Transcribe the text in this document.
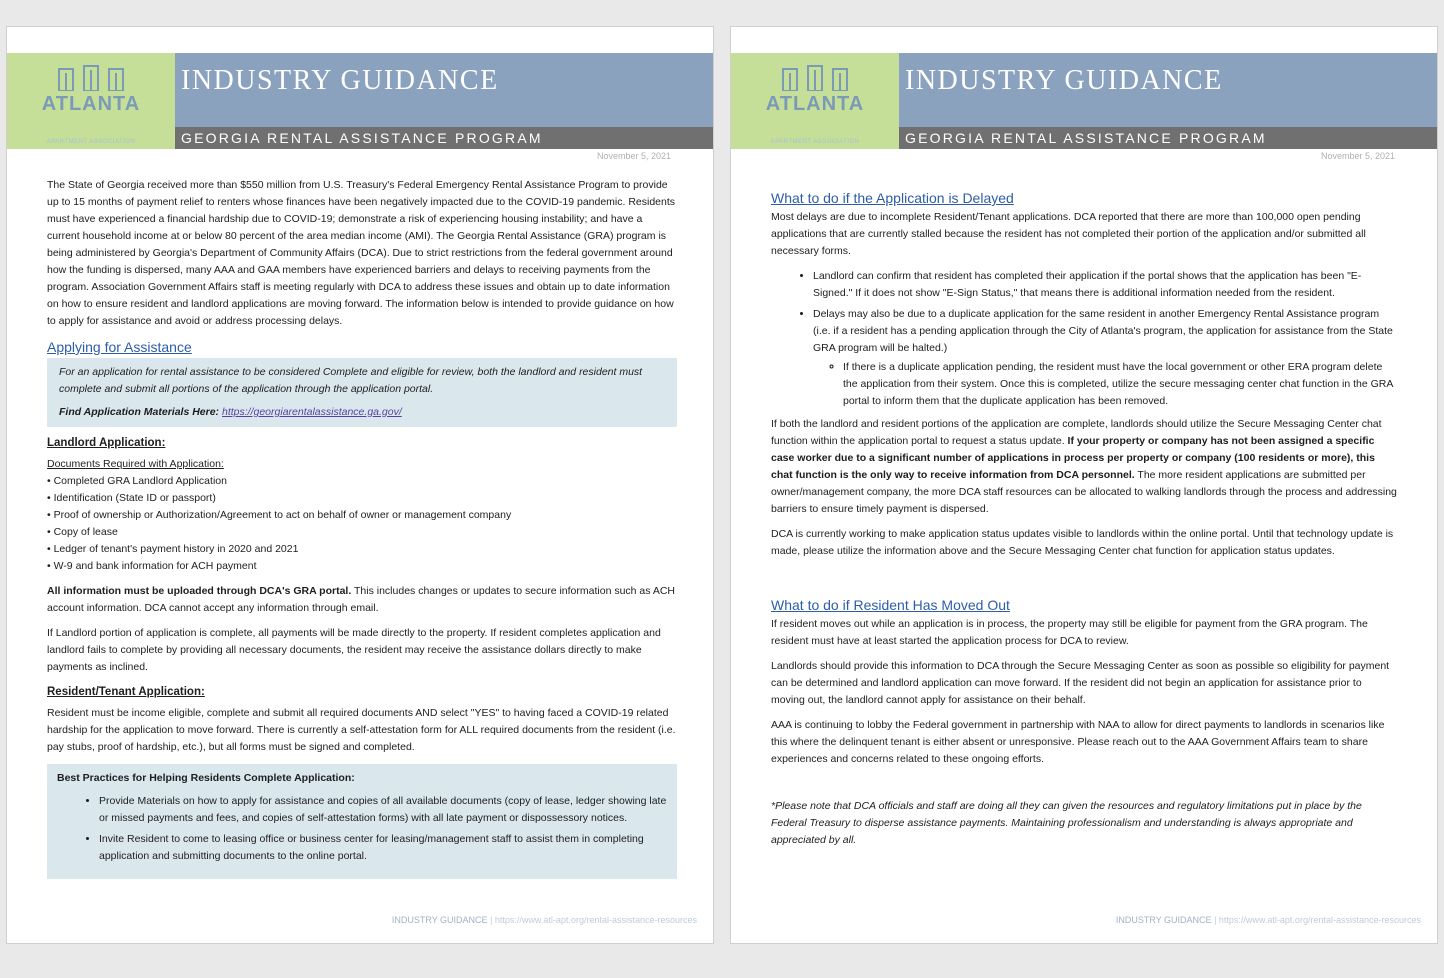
ATLANTA
APARTMENT ASSOCIATION
INDUSTRY GUIDANCE
GEORGIA RENTAL ASSISTANCE PROGRAM
November 5, 2021

The State of Georgia received more than $550 million from U.S. Treasury's Federal Emergency Rental Assistance Program to provide up to 15 months of payment relief to renters whose finances have been negatively impacted due to the COVID-19 pandemic. Residents must have experienced a financial hardship due to COVID-19; demonstrate a risk of experiencing housing instability; and have a current household income at or below 80 percent of the area median income (AMI). The Georgia Rental Assistance (GRA) program is being administered by Georgia's Department of Community Affairs (DCA). Due to strict restrictions from the federal government around how the funding is dispersed, many AAA and GAA members have experienced barriers and delays to receiving payments from the program. Association Government Affairs staff is meeting regularly with DCA to address these issues and obtain up to date information on how to ensure resident and landlord applications are moving forward. The information below is intended to provide guidance on how to apply for assistance and avoid or address processing delays.

Applying for Assistance
For an application for rental assistance to be considered Complete and eligible for review, both the landlord and resident must complete and submit all portions of the application through the application portal.
Find Application Materials Here: https://georgiarentalassistance.ga.gov/
Landlord Application:
Documents Required with Application:
• Completed GRA Landlord Application
• Identification (State ID or passport)
• Proof of ownership or Authorization/Agreement to act on behalf of owner or management company
• Copy of lease
• Ledger of tenant's payment history in 2020 and 2021
• W-9 and bank information for ACH payment

All information must be uploaded through DCA's GRA portal. This includes changes or updates to secure information such as ACH account information. DCA cannot accept any information through email.

If Landlord portion of application is complete, all payments will be made directly to the property. If resident completes application and landlord fails to complete by providing all necessary documents, the resident may receive the assistance dollars directly to make payments as inclined.

Resident/Tenant Application:

Resident must be income eligible, complete and submit all required documents AND select "YES" to having faced a COVID-19 related hardship for the application to move forward. There is currently a self-attestation form for ALL required documents from the resident (i.e. pay stubs, proof of hardship, etc.), but all forms must be signed and completed.

Best Practices for Helping Residents Complete Application:
• Provide Materials on how to apply for assistance and copies of all available documents (copy of lease, ledger showing late or missed payments and fees, and copies of self-attestation forms) with all late payment or dispossessory notices.
• Invite Resident to come to leasing office or business center for leasing/management staff to assist them in completing application and submitting documents to the online portal.
INDUSTRY GUIDANCE | https://www.atl-apt.org/rental-assistance-resources
ATLANTA
APARTMENT ASSOCIATION
INDUSTRY GUIDANCE
GEORGIA RENTAL ASSISTANCE PROGRAM
November 5, 2021
What to do if the Application is Delayed

Most delays are due to incomplete Resident/Tenant applications. DCA reported that there are more than 100,000 open pending applications that are currently stalled because the resident has not completed their portion of the application and/or submitted all necessary forms.

• Landlord can confirm that resident has completed their application if the portal shows that the application has been "E-Signed." If it does not show "E-Sign Status," that means there is additional information needed from the resident.
• Delays may also be due to a duplicate application for the same resident in another Emergency Rental Assistance program (i.e. if a resident has a pending application through the City of Atlanta's program, the application for assistance from the State GRA program will be halted.)
◦ If there is a duplicate application pending, the resident must have the local government or other ERA program delete the application from their system. Once this is completed, utilize the secure messaging center chat function in the GRA portal to inform them that the duplicate application has been removed.

If both the landlord and resident portions of the application are complete, landlords should utilize the Secure Messaging Center chat function within the application portal to request a status update. If your property or company has not been assigned a specific case worker due to a significant number of applications in process per property or company (100 residents or more), this chat function is the only way to receive information from DCA personnel. The more resident applications are submitted per owner/management company, the more DCA staff resources can be allocated to walking landlords through the process and addressing barriers to ensure timely payment is dispersed.

DCA is currently working to make application status updates visible to landlords within the online portal. Until that technology update is made, please utilize the information above and the Secure Messaging Center chat function for application status updates.

What to do if Resident Has Moved Out

If resident moves out while an application is in process, the property may still be eligible for payment from the GRA program. The resident must have at least started the application process for DCA to review.

Landlords should provide this information to DCA through the Secure Messaging Center as soon as possible so eligibility for payment can be determined and landlord application can move forward. If the resident did not begin an application for assistance prior to moving out, the landlord cannot apply for assistance on their behalf.

AAA is continuing to lobby the Federal government in partnership with NAA to allow for direct payments to landlords in scenarios like this where the delinquent tenant is either absent or unresponsive. Please reach out to the AAA Government Affairs team to share experiences and concerns related to these ongoing efforts.

*Please note that DCA officials and staff are doing all they can given the resources and regulatory limitations put in place by the Federal Treasury to disperse assistance payments. Maintaining professionalism and understanding is always appropriate and appreciated by all.

INDUSTRY GUIDANCE | https://www.atl-apt.org/rental-assistance-resources
